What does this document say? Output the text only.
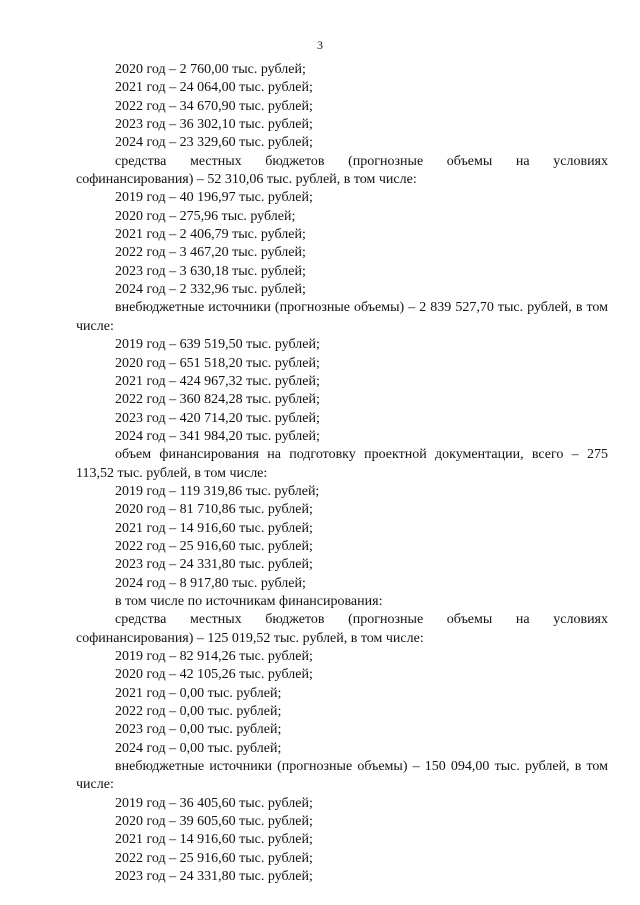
3
2020 год – 2 760,00 тыс. рублей;
2021 год – 24 064,00 тыс. рублей;
2022 год – 34 670,90 тыс. рублей;
2023 год – 36 302,10 тыс. рублей;
2024 год – 23 329,60 тыс. рублей;
средства местных бюджетов (прогнозные объемы на условиях софинансирования) – 52 310,06 тыс. рублей, в том числе:
2019 год – 40 196,97 тыс. рублей;
2020 год – 275,96 тыс. рублей;
2021 год – 2 406,79 тыс. рублей;
2022 год – 3 467,20 тыс. рублей;
2023 год – 3 630,18 тыс. рублей;
2024 год – 2 332,96 тыс. рублей;
внебюджетные источники (прогнозные объемы) – 2 839 527,70 тыс. рублей, в том числе:
2019 год – 639 519,50 тыс. рублей;
2020 год – 651 518,20 тыс. рублей;
2021 год – 424 967,32 тыс. рублей;
2022 год – 360 824,28 тыс. рублей;
2023 год – 420 714,20 тыс. рублей;
2024 год – 341 984,20 тыс. рублей;
объем финансирования на подготовку проектной документации, всего – 275 113,52 тыс. рублей, в том числе:
2019 год – 119 319,86 тыс. рублей;
2020 год – 81 710,86 тыс. рублей;
2021 год – 14 916,60 тыс. рублей;
2022 год – 25 916,60 тыс. рублей;
2023 год – 24 331,80 тыс. рублей;
2024 год – 8 917,80 тыс. рублей;
в том числе по источникам финансирования:
средства местных бюджетов (прогнозные объемы на условиях софинансирования) – 125 019,52 тыс. рублей, в том числе:
2019 год – 82 914,26 тыс. рублей;
2020 год – 42 105,26 тыс. рублей;
2021 год – 0,00 тыс. рублей;
2022 год – 0,00 тыс. рублей;
2023 год – 0,00 тыс. рублей;
2024 год – 0,00 тыс. рублей;
внебюджетные источники (прогнозные объемы) – 150 094,00 тыс. рублей, в том числе:
2019 год – 36 405,60 тыс. рублей;
2020 год – 39 605,60 тыс. рублей;
2021 год – 14 916,60 тыс. рублей;
2022 год – 25 916,60 тыс. рублей;
2023 год – 24 331,80 тыс. рублей;
